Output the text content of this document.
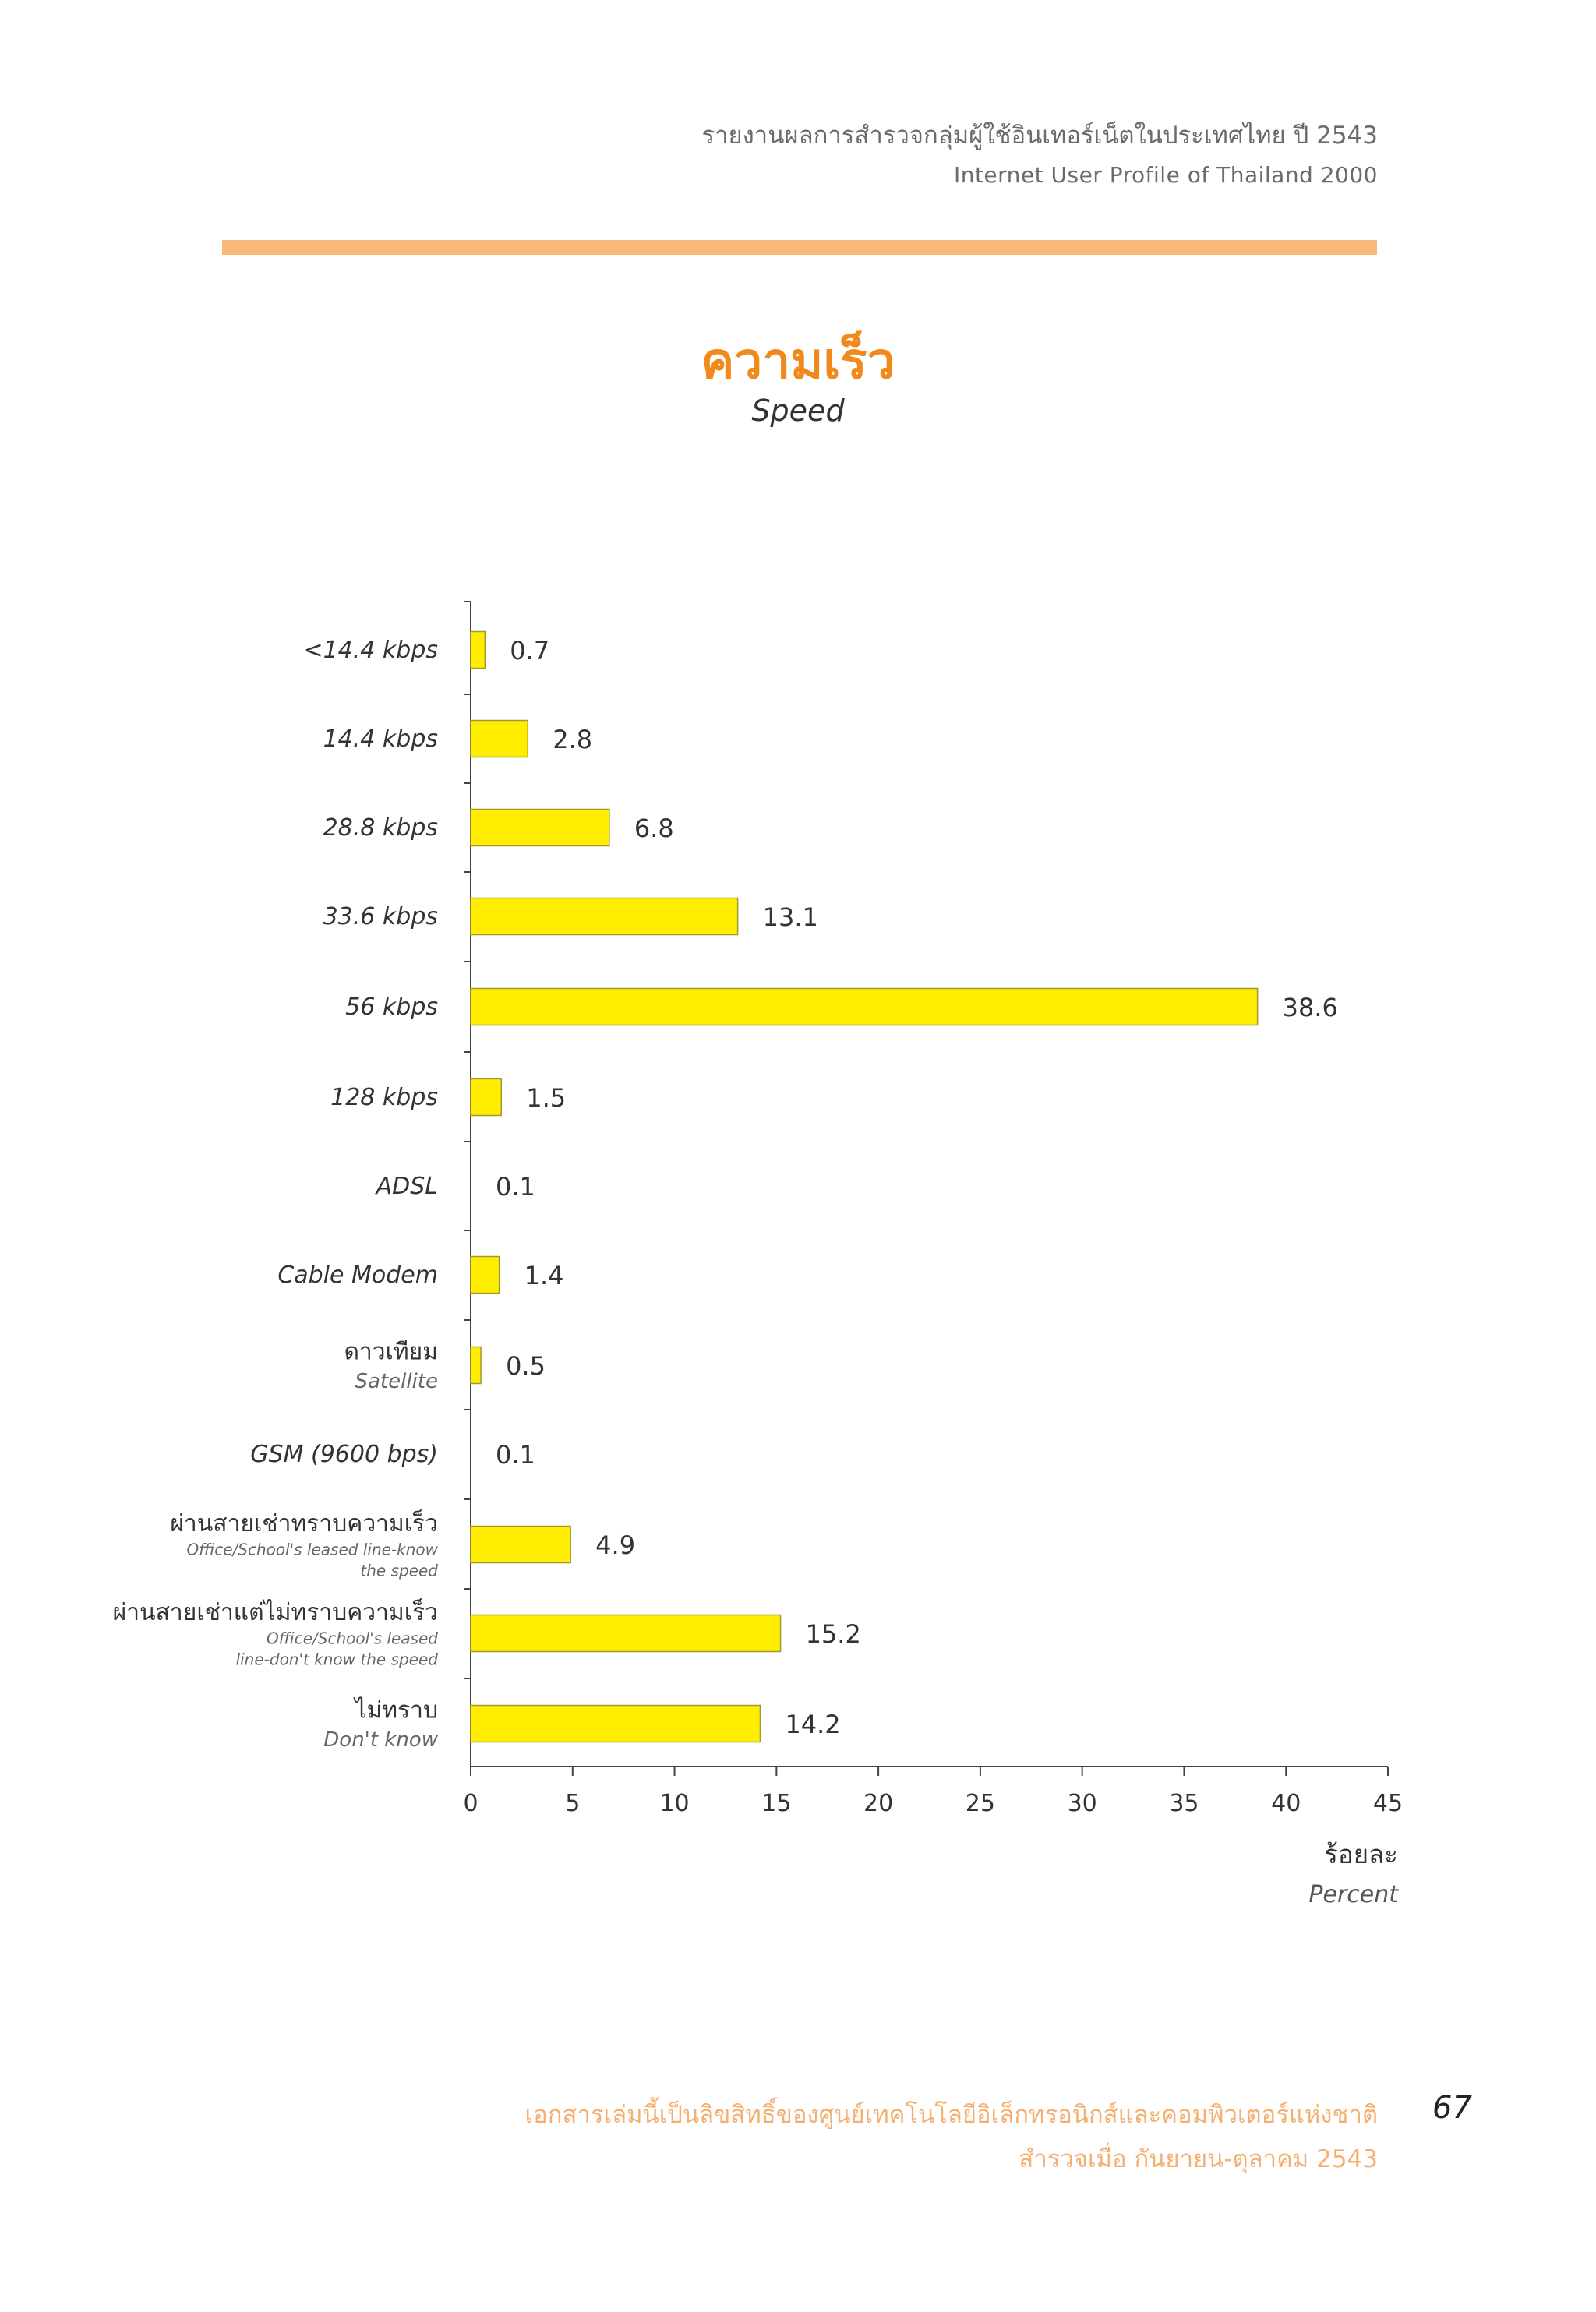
รายงานผลการสำรวจกลุ่มผู้ใช้อินเทอร์เน็ตในประเทศไทย ปี 2543
Internet User Profile of Thailand 2000
ความเร็ว
Speed
0	5	10	15	20	25	30	35	40	45
ร้อยละ
Percent
0.7
<14.4 kbps
2.8
14.4 kbps
6.8
28.8 kbps
13.1
33.6 kbps
38.6
56 kbps
1.5
128 kbps
0.1
ADSL
1.4
Cable Modem
0.5
ดาวเทียม
Satellite
0.1
GSM (9600 bps)
4.9
ผ่านสายเช่าทราบความเร็ว
Office/School's leased line-know
the speed
15.2
ผ่านสายเช่าแต่ไม่ทราบความเร็ว
Office/School's leased
line-don't know the speed
14.2
ไม่ทราบ
Don't know
เอกสารเล่มนี้เป็นลิขสิทธิ์ของศูนย์เทคโนโลยีอิเล็กทรอนิกส์และคอมพิวเตอร์แห่งชาติ
สำรวจเมื่อ กันยายน-ตุลาคม 2543
67
